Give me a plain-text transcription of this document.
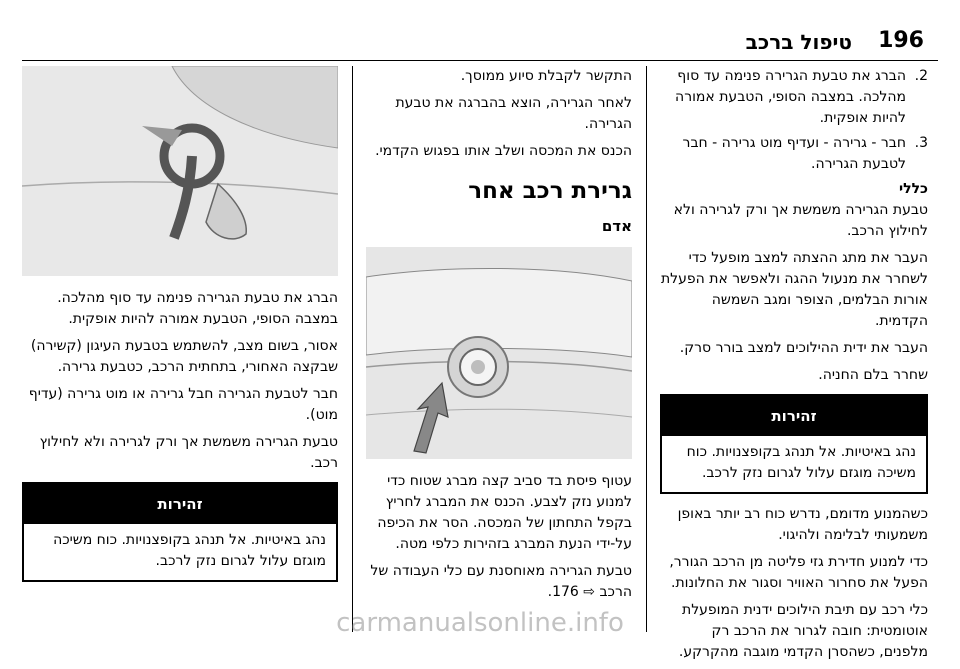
196
טיפול ברכב
2.
הברג את טבעת הגרירה פנימה עד סוף מהלכה. במצבה הסופי, הטבעת אמורה להיות אופקית.
3.
חבר - גרירה - ועדיף מוט גרירה - חבר לטבעת הגרירה.
כללי

טבעת הגרירה משמשת אך ורק לגרירה ולא לחילוץ הרכב.

העבר את מתג ההצתה למצב מופעל כדי לשחרר את מנעול ההגה ולאפשר את הפעלת אורות הבלמים, הצופר ומגב השמשה הקדמית.

העבר את ידית ההילוכים למצב בורר סרק.

שחרר בלם החניה.

זהירות
נהג באיטיות. אל תנהג בקופצנויות. כוח משיכה מוגזם עלול לגרום נזק לרכב.

כשהמנוע מדומם, נדרש כוח רב יותר באופן משמעותי לבלימה ולהיגוי.

כדי למנוע חדירת גזי פליטה מן הרכב הגורר, הפעל את סחרור האוויר וסגור את החלונות.

כלי רכב עם תיבת הילוכים ידנית המופעלת אוטומטית: חובה לגרור את הרכב רק מלפנים, כשהסרן הקדמי מוגבה מהקרקע.

התקשר לקבלת סיוע ממוסך.

לאחר הגרירה, הוצא בהברגה את טבעת הגרירה.

הכנס את המכסה ושלב אותו בפגוש הקדמי.

גרירת רכב אחר
אדם

עטוף פיסת בד סביב קצה מברג שטוח כדי למנוע נזק לצבע. הכנס את המברג לחריץ בקפל התחתון של המכסה. הסר את הכיפה על-ידי הנעת המברג בזהירות כלפי מטה.

טבעת הגרירה מאוחסנת עם כלי העבודה של הרכב ⇨ 176.

הברג את טבעת הגרירה פנימה עד סוף מהלכה. במצבה הסופי, הטבעת אמורה להיות אופקית.

אסור, בשום מצב, להשתמש בטבעת העיגון (קשירה) שבקצה האחורי, בתחתית הרכב, כטבעת גרירה.

חבר לטבעת הגרירה חבל גרירה או מוט גרירה (עדיף מוט).

טבעת הגרירה משמשת אך ורק לגרירה ולא לחילוץ רכב.

זהירות
נהג באיטיות. אל תנהג בקופצנויות. כוח משיכה מוגזם עלול לגרום נזק לרכב.
carmanualsonline.info
